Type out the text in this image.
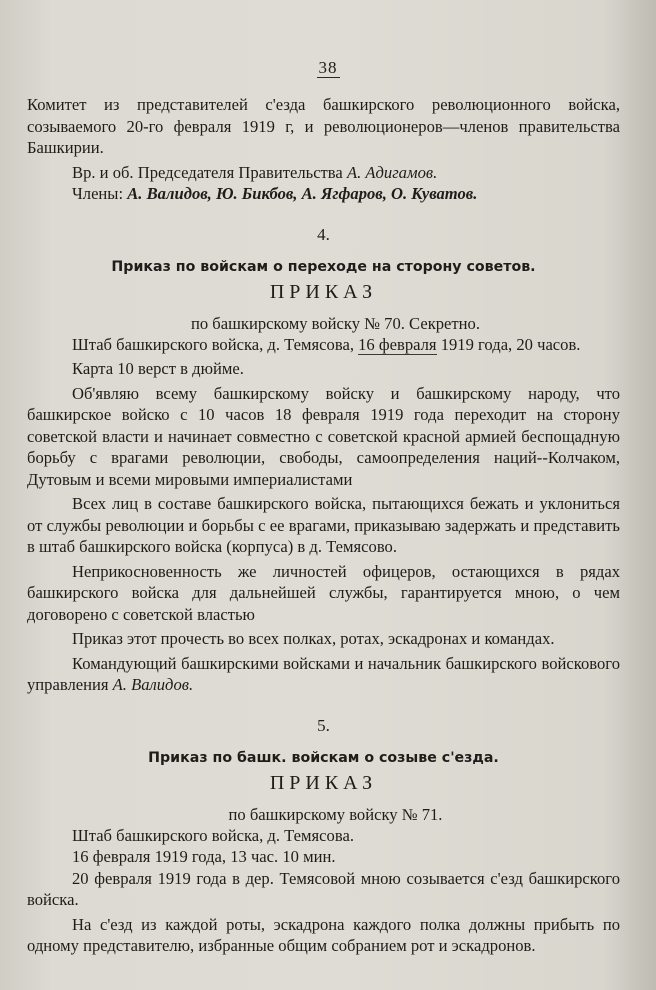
38

Комитет из представителей с'езда башкирского революционного войска, созываемого 20-го февраля 1919 г, и революционеров—членов правительства Башкирии.

Вр. и об. Председателя Правительства А. Адигамов.

Члены: А. Валидов, Ю. Бикбов, А. Ягфаров, О. Куватов.

4.
Приказ по войскам о переходе на сторону советов.
ПРИКАЗ
по башкирскому войску № 70. Секретно.

Штаб башкирского войска, д. Темясова, 16 февраля 1919 года, 20 часов.

Карта 10 верст в дюйме.

Об'являю всему башкирскому войску и башкирскому народу, что башкирское войско с 10 часов 18 февраля 1919 года переходит на сторону советской власти и начинает совместно с советской красной армией беспощадную борьбу с врагами революции, свободы, самоопределения наций--Колчаком, Дутовым и всеми мировыми империалистами

Всех лиц в составе башкирского войска, пытающихся бежать и уклониться от службы революции и борьбы с ее врагами, приказываю задержать и представить в штаб башкирского войска (корпуса) в д. Темясово.

Неприкосновенность же личностей офицеров, остающихся в рядах башкирского войска для дальнейшей службы, гарантируется мною, о чем договорено с советской властью

Приказ этот прочесть во всех полках, ротах, эскадронах и командах.

Командующий башкирскими войсками и начальник башкирского войскового управления А. Валидов.

5.
Приказ по башк. войскам о созыве с'езда.
ПРИКАЗ
по башкирскому войску № 71.

Штаб башкирского войска, д. Темясова.

16 февраля 1919 года, 13 час. 10 мин.

20 февраля 1919 года в дер. Темясовой мною созывается с'езд башкирского войска.

На с'езд из каждой роты, эскадрона каждого полка должны прибыть по одному представителю, избранные общим собранием рот и эскадронов.
